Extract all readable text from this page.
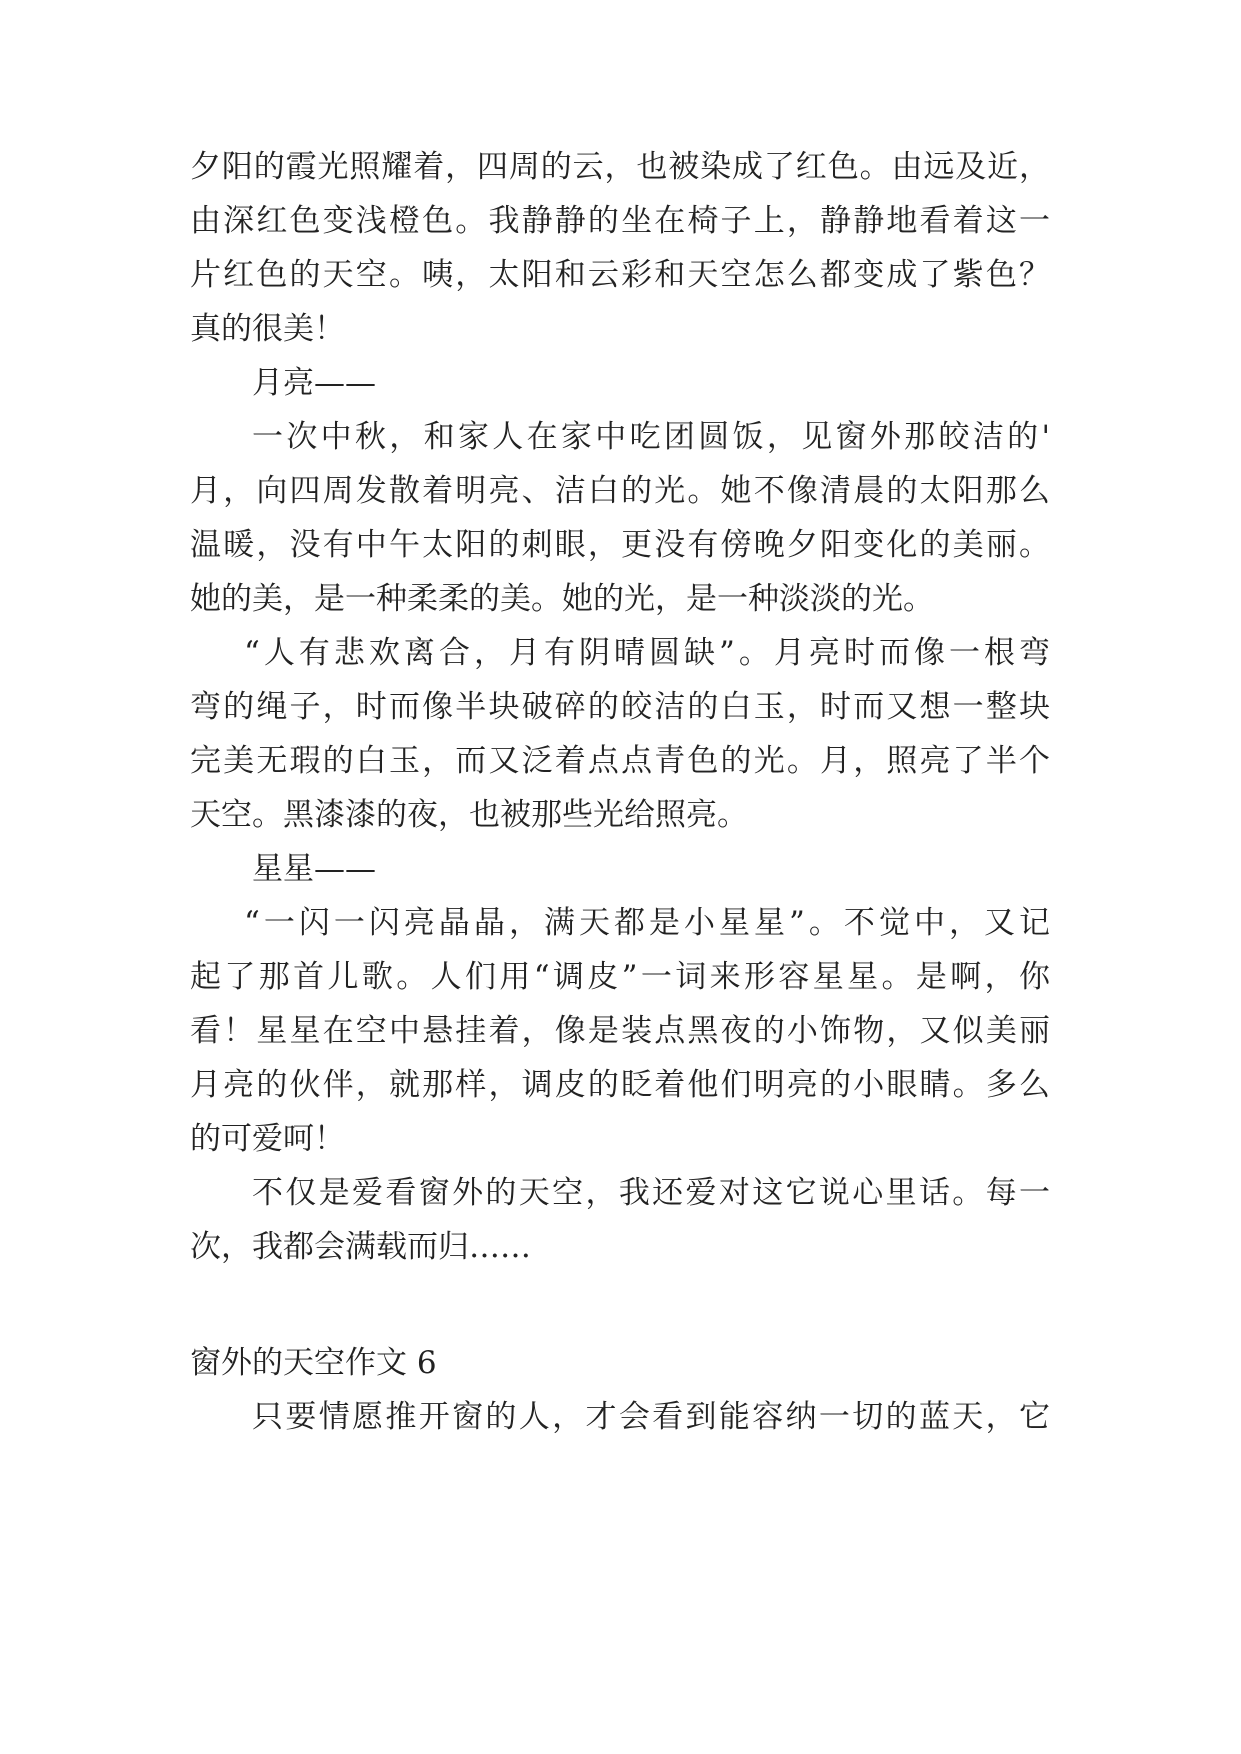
夕阳的霞光照耀着，四周的云，也被染成了红色。由远及近，
由深红色变浅橙色。我静静的坐在椅子上，静静地看着这一
片红色的天空。咦，太阳和云彩和天空怎么都变成了紫色？
真的很美！
月亮——
一次中秋，和家人在家中吃团圆饭，见窗外那皎洁的'
月，向四周发散着明亮、洁白的光。她不像清晨的太阳那么
温暖，没有中午太阳的刺眼，更没有傍晚夕阳变化的美丽。
她的美，是一种柔柔的美。她的光，是一种淡淡的光。
“人有悲欢离合，月有阴晴圆缺”。月亮时而像一根弯
弯的绳子，时而像半块破碎的皎洁的白玉，时而又想一整块
完美无瑕的白玉，而又泛着点点青色的光。月，照亮了半个
天空。黑漆漆的夜，也被那些光给照亮。
星星——
“一闪一闪亮晶晶，满天都是小星星”。不觉中，又记
起了那首儿歌。人们用“调皮”一词来形容星星。是啊，你
看！星星在空中悬挂着，像是装点黑夜的小饰物，又似美丽
月亮的伙伴，就那样，调皮的眨着他们明亮的小眼睛。多么
的可爱呵！
不仅是爱看窗外的天空，我还爱对这它说心里话。每一
次，我都会满载而归……
窗外的天空作文 6
只要情愿推开窗的人，才会看到能容纳一切的蓝天，它
